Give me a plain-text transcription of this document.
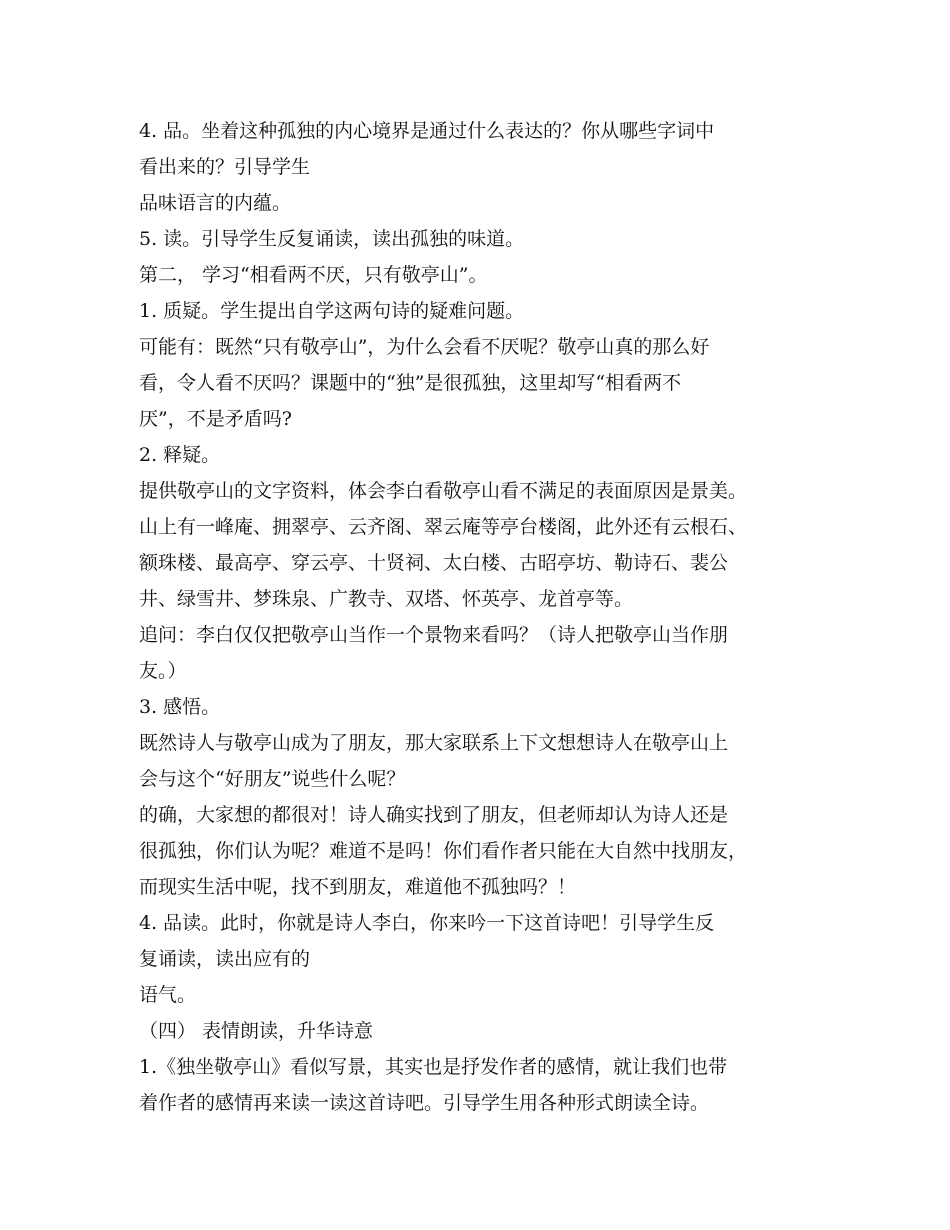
4. 品。坐着这种孤独的内心境界是通过什么表达的？你从哪些字词中
看出来的？引导学生
品味语言的内蕴。
5. 读。引导学生反复诵读，读出孤独的味道。
第二， 学习“相看两不厌，只有敬亭山”。
1. 质疑。学生提出自学这两句诗的疑难问题。
可能有：既然“只有敬亭山”，为什么会看不厌呢？敬亭山真的那么好
看，令人看不厌吗？课题中的“独”是很孤独，这里却写“相看两不
厌”，不是矛盾吗?
2. 释疑。
提供敬亭山的文字资料，体会李白看敬亭山看不满足的表面原因是景美。
山上有一峰庵、拥翠亭、云齐阁、翠云庵等亭台楼阁，此外还有云根石、
额珠楼、最高亭、穿云亭、十贤祠、太白楼、古昭亭坊、勒诗石、裴公
井、绿雪井、梦珠泉、广教寺、双塔、怀英亭、龙首亭等。
追问：李白仅仅把敬亭山当作一个景物来看吗？（诗人把敬亭山当作朋
友。）
3. 感悟。
既然诗人与敬亭山成为了朋友，那大家联系上下文想想诗人在敬亭山上
会与这个“好朋友”说些什么呢？
的确，大家想的都很对！诗人确实找到了朋友，但老师却认为诗人还是
很孤独，你们认为呢？难道不是吗！你们看作者只能在大自然中找朋友，
而现实生活中呢，找不到朋友，难道他不孤独吗？！
4. 品读。此时，你就是诗人李白，你来吟一下这首诗吧！引导学生反
复诵读，读出应有的
语气。
（四） 表情朗读，升华诗意
1.《独坐敬亭山》看似写景，其实也是抒发作者的感情，就让我们也带
着作者的感情再来读一读这首诗吧。引导学生用各种形式朗读全诗。
